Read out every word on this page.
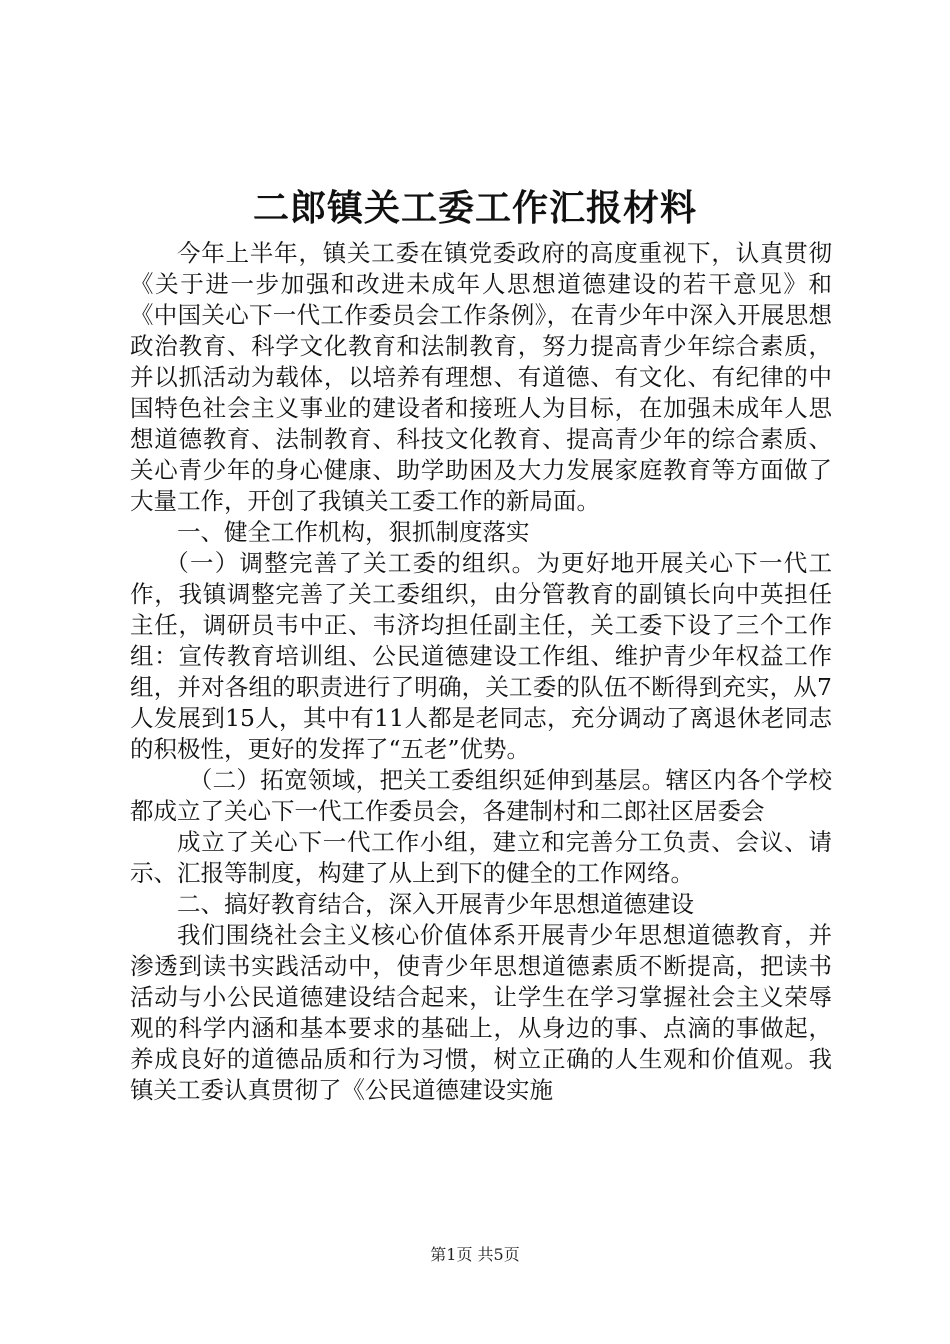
二郎镇关工委工作汇报材料

今年上半年，镇关工委在镇党委政府的高度重视下，认真贯彻《关于进一步加强和改进未成年人思想道德建设的若干意见》和《中国关心下一代工作委员会工作条例》，在青少年中深入开展思想政治教育、科学文化教育和法制教育，努力提高青少年综合素质，并以抓活动为载体，以培养有理想、有道德、有文化、有纪律的中国特色社会主义事业的建设者和接班人为目标，在加强未成年人思想道德教育、法制教育、科技文化教育、提高青少年的综合素质、关心青少年的身心健康、助学助困及大力发展家庭教育等方面做了大量工作，开创了我镇关工委工作的新局面。

一、健全工作机构，狠抓制度落实

（一）调整完善了关工委的组织。为更好地开展关心下一代工作，我镇调整完善了关工委组织，由分管教育的副镇长向中英担任主任，调研员韦中正、韦济均担任副主任，关工委下设了三个工作组：宣传教育培训组、公民道德建设工作组、维护青少年权益工作组，并对各组的职责进行了明确，关工委的队伍不断得到充实，从7人发展到15人，其中有11人都是老同志，充分调动了离退休老同志的积极性，更好的发挥了“五老”优势。

（二）拓宽领域，把关工委组织延伸到基层。辖区内各个学校都成立了关心下一代工作委员会，各建制村和二郎社区居委会

成立了关心下一代工作小组，建立和完善分工负责、会议、请示、汇报等制度，构建了从上到下的健全的工作网络。

二、搞好教育结合，深入开展青少年思想道德建设

我们围绕社会主义核心价值体系开展青少年思想道德教育，并渗透到读书实践活动中，使青少年思想道德素质不断提高，把读书活动与小公民道德建设结合起来，让学生在学习掌握社会主义荣辱观的科学内涵和基本要求的基础上，从身边的事、点滴的事做起，养成良好的道德品质和行为习惯，树立正确的人生观和价值观。我镇关工委认真贯彻了《公民道德建设实施

第1页 共5页
